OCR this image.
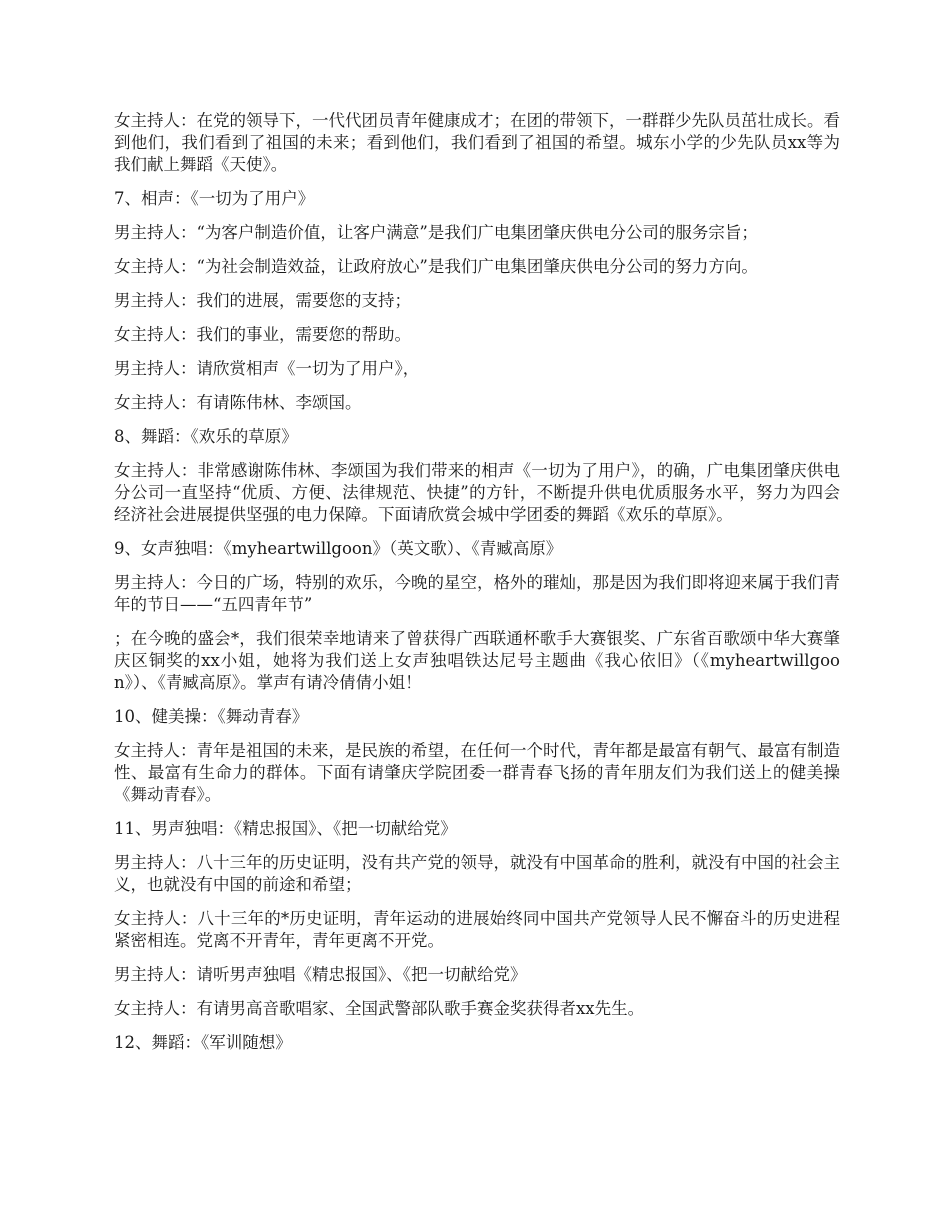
女主持人：在党的领导下，一代代团员青年健康成才；在团的带领下，一群群少先队员茁壮成长。看到他们，我们看到了祖国的未来；看到他们，我们看到了祖国的希望。城东小学的少先队员xx等为我们献上舞蹈《天使》。

7、相声：《一切为了用户》

男主持人：“为客户制造价值，让客户满意”是我们广电集团肇庆供电分公司的服务宗旨；

女主持人：“为社会制造效益，让政府放心”是我们广电集团肇庆供电分公司的努力方向。

男主持人：我们的进展，需要您的支持；

女主持人：我们的事业，需要您的帮助。

男主持人：请欣赏相声《一切为了用户》，

女主持人：有请陈伟林、李颂国。

8、舞蹈：《欢乐的草原》

女主持人：非常感谢陈伟林、李颂国为我们带来的相声《一切为了用户》，的确，广电集团肇庆供电分公司一直坚持“优质、方便、法律规范、快捷”的方针，不断提升供电优质服务水平，努力为四会经济社会进展提供坚强的电力保障。下面请欣赏会城中学团委的舞蹈《欢乐的草原》。

9、女声独唱：《myheartwillgoon》（英文歌）、《青臧高原》

男主持人：今日的广场，特别的欢乐，今晚的星空，格外的璀灿，那是因为我们即将迎来属于我们青年的节日——“五四青年节”

；在今晚的盛会*，我们很荣幸地请来了曾获得广西联通杯歌手大赛银奖、广东省百歌颂中华大赛肇庆区铜奖的xx小姐，她将为我们送上女声独唱铁达尼号主题曲《我心依旧》（《myheartwillgoon》）、《青臧高原》。掌声有请冷倩倩小姐！

10、健美操：《舞动青春》

女主持人：青年是祖国的未来，是民族的希望，在任何一个时代，青年都是最富有朝气、最富有制造性、最富有生命力的群体。下面有请肇庆学院团委一群青春飞扬的青年朋友们为我们送上的健美操《舞动青春》。

11、男声独唱：《精忠报国》、《把一切献给党》

男主持人：八十三年的历史证明，没有共产党的领导，就没有中国革命的胜利，就没有中国的社会主义，也就没有中国的前途和希望；

女主持人：八十三年的*历史证明，青年运动的进展始终同中国共产党领导人民不懈奋斗的历史进程紧密相连。党离不开青年，青年更离不开党。

男主持人：请听男声独唱《精忠报国》、《把一切献给党》

女主持人：有请男高音歌唱家、全国武警部队歌手赛金奖获得者xx先生。

12、舞蹈：《军训随想》
